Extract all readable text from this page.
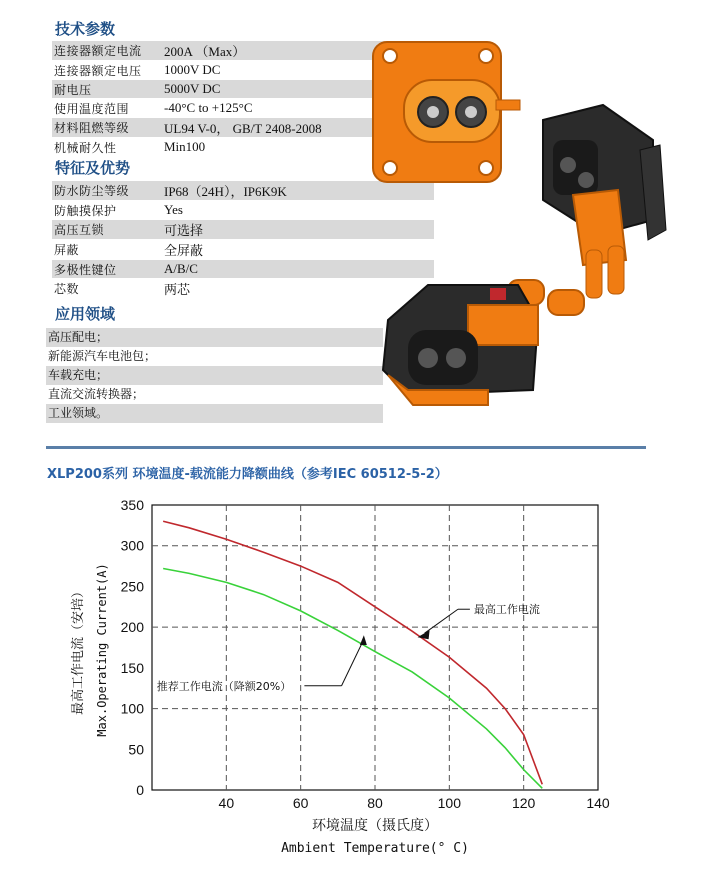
技术参数
连接器额定电流	200A （Max）
连接器额定电压	1000V DC
耐电压	5000V DC
使用温度范围	-40°C to +125°C
材料阻燃等级	UL94 V-0， GB/T 2408-2008
机械耐久性	Min100
特征及优势
防水防尘等级	IP68（24H），IP6K9K
防触摸保护	Yes
高压互锁	可选择
屏蔽	全屏蔽
多极性键位	A/B/C
芯数	两芯
应用领域
高压配电；
新能源汽车电池包；
车载充电；
直流交流转换器；
工业领域。
XLP200系列 环境温度-载流能力降额曲线（参考IEC 60512-5-2）
40	60	80	100	120	140
0
50
100
150
200
250
300
350
最高工作电流
推荐工作电流（降额20%）
环境温度（摄氏度）
Ambient Temperature(° C)
最高工作电流（安培） Max.Operating Current(A)
